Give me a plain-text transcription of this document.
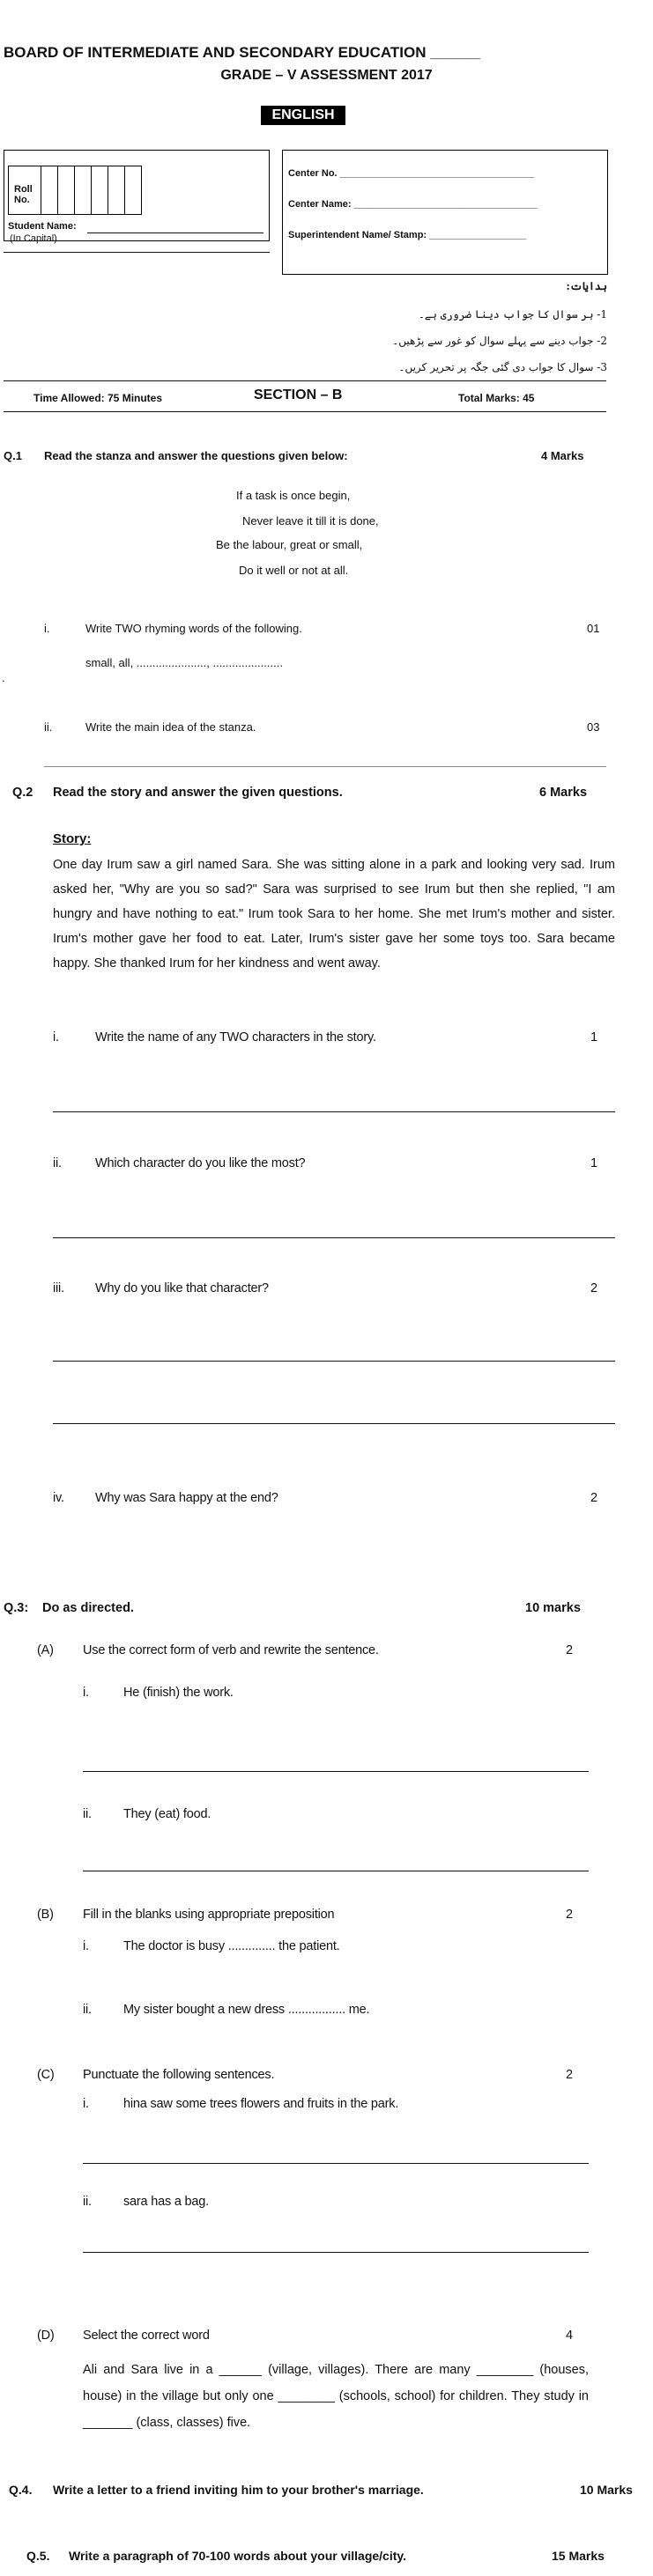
BOARD OF INTERMEDIATE AND SECONDARY EDUCATION ______
GRADE – V ASSESSMENT 2017
ENGLISH
Roll No.
Student Name:
(In Capital)
Center No. ____________________________________
Center Name: __________________________________
Superintendent Name/ Stamp: __________________
ہدایات:
1- ہر سوال کا جواب دینا ضروری ہے۔
2- جواب دینے سے پہلے سوال کو غور سے پڑھیں۔
3- سوال کا جواب دی گئی جگہ پر تحریر کریں۔
Time Allowed: 75 Minutes	SECTION – B	Total Marks: 45
Q.1 Read the stanza and answer the questions given below:	4 Marks
If a task is once begin,
Never leave it till it is done,
Be the labour, great or small,
Do it well or not at all.
i.	Write TWO rhyming words of the following.	01
small, all, ......................, ......................
.
ii.	Write the main idea of the stanza.	03
Q.2 Read the story and answer the given questions.	6 Marks
Story:
One day Irum saw a girl named Sara. She was sitting alone in a park and looking very sad. Irum asked her, "Why are you so sad?" Sara was surprised to see Irum but then she replied, "I am hungry and have nothing to eat." Irum took Sara to her home. She met Irum's mother and sister. Irum's mother gave her food to eat. Later, Irum's sister gave her some toys too. Sara became happy. She thanked Irum for her kindness and went away.
i.	Write the name of any TWO characters in the story.	1
ii.	Which character do you like the most?	1
iii. Why do you like that character?	2
iv. Why was Sara happy at the end?	2
Q.3: Do as directed.	10 marks
(A) Use the correct form of verb and rewrite the sentence.	2
i.	He (finish) the work.
ii. They (eat) food.
(B) Fill in the blanks using appropriate preposition	2
i.	The doctor is busy .............. the patient.
ii. My sister bought a new dress ................. me.
(C) Punctuate the following sentences.	2
i.	hina saw some trees flowers and fruits in the park.
ii. sara has a bag.
(D) Select the correct word	4
Ali and Sara live in a ______ (village, villages). There are many ________ (houses, house) in the village but only one ________ (schools, school) for children. They study in _______ (class, classes) five.
Q.4. Write a letter to a friend inviting him to your brother's marriage.	10 Marks
Q.5. Write a paragraph of 70-100 words about your village/city.	15 Marks
